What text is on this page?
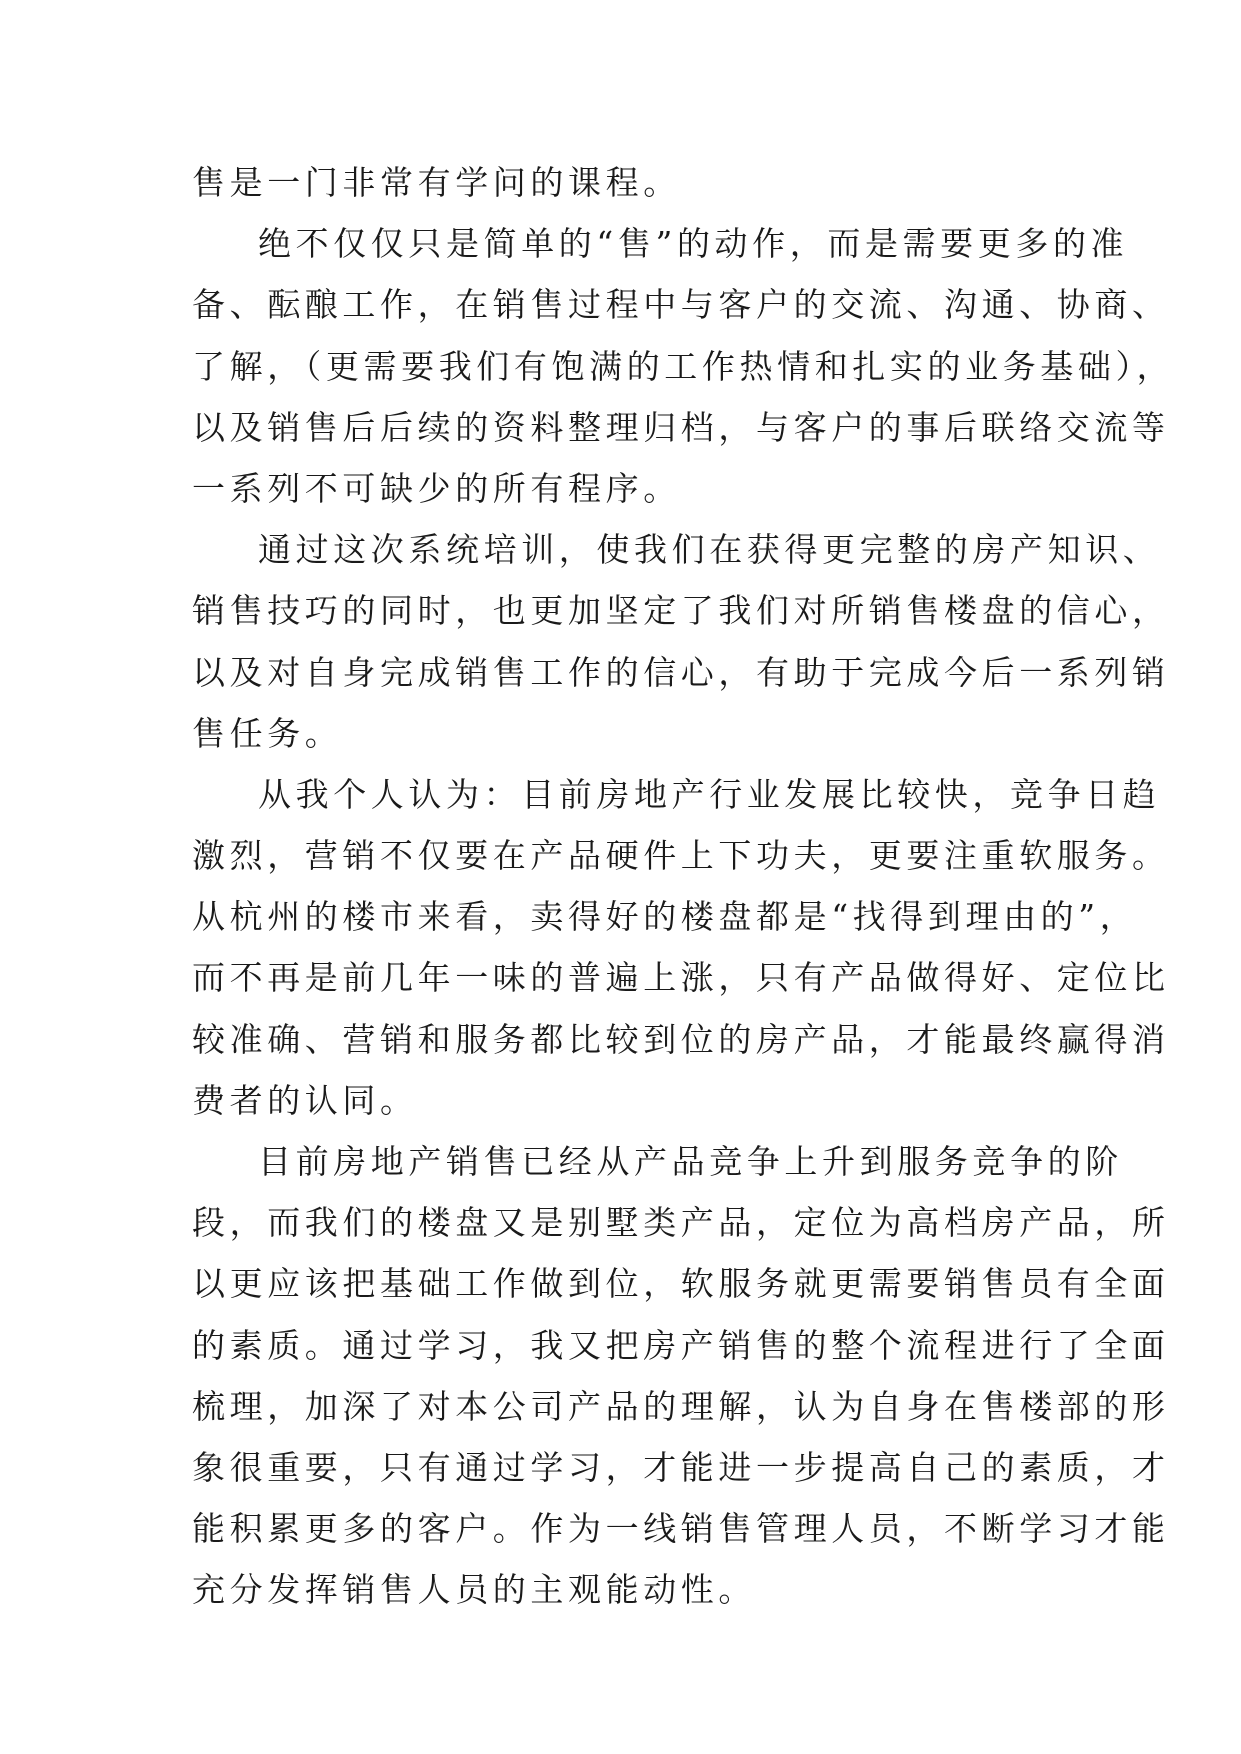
售是一门非常有学问的课程。
绝不仅仅只是简单的“售”的动作，而是需要更多的准
备、酝酿工作，在销售过程中与客户的交流、沟通、协商、
了解，（更需要我们有饱满的工作热情和扎实的业务基础），
以及销售后后续的资料整理归档，与客户的事后联络交流等
一系列不可缺少的所有程序。
通过这次系统培训，使我们在获得更完整的房产知识、
销售技巧的同时，也更加坚定了我们对所销售楼盘的信心，
以及对自身完成销售工作的信心，有助于完成今后一系列销
售任务。
从我个人认为：目前房地产行业发展比较快，竞争日趋
激烈，营销不仅要在产品硬件上下功夫，更要注重软服务。
从杭州的楼市来看，卖得好的楼盘都是“找得到理由的”，
而不再是前几年一味的普遍上涨，只有产品做得好、定位比
较准确、营销和服务都比较到位的房产品，才能最终赢得消
费者的认同。
目前房地产销售已经从产品竞争上升到服务竞争的阶
段，而我们的楼盘又是别墅类产品，定位为高档房产品，所
以更应该把基础工作做到位，软服务就更需要销售员有全面
的素质。通过学习，我又把房产销售的整个流程进行了全面
梳理，加深了对本公司产品的理解，认为自身在售楼部的形
象很重要，只有通过学习，才能进一步提高自己的素质，才
能积累更多的客户。作为一线销售管理人员，不断学习才能
充分发挥销售人员的主观能动性。
